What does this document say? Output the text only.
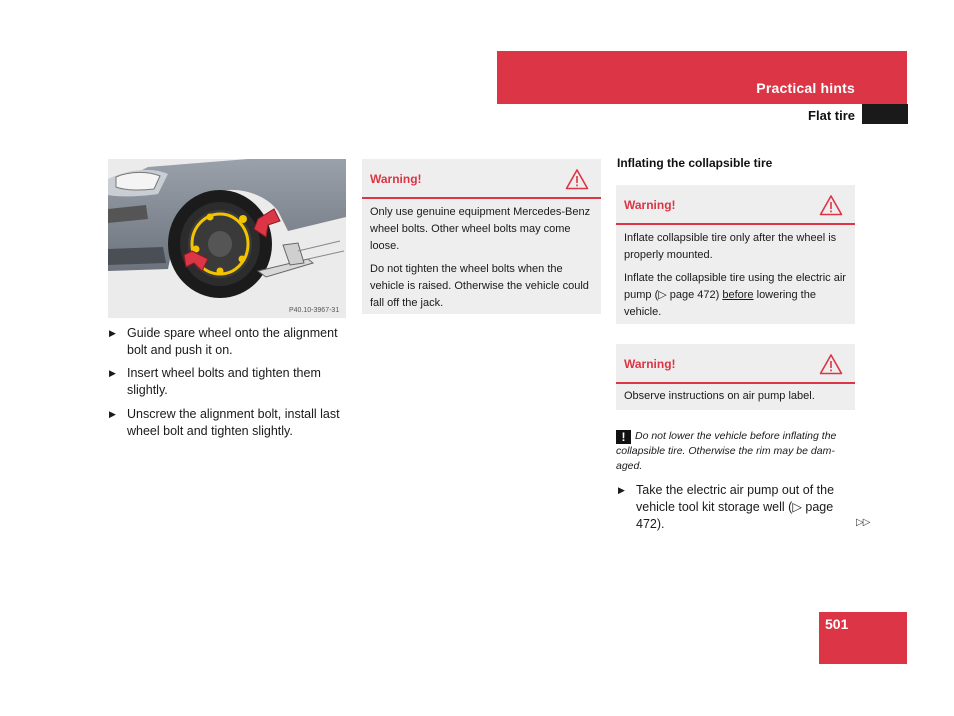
Practical hints
Flat tire
P40.10-3967-31
▶ Guide spare wheel onto the alignment bolt and push it on.
▶ Insert wheel bolts and tighten them slightly.
▶ Unscrew the alignment bolt, install last wheel bolt and tighten slightly.
Warning!

Only use genuine equipment Mercedes-Benz wheel bolts. Other wheel bolts may come loose.

Do not tighten the wheel bolts when the vehicle is raised. Otherwise the vehicle could fall off the jack.

Inflating the collapsible tire
Warning!

Inflate collapsible tire only after the wheel is properly mounted.

Inflate the collapsible tire using the electric air pump (▷ page 472) before lowering the vehicle.

Warning!

Observe instructions on air pump label.

! Do not lower the vehicle before inflating the collapsible tire. Otherwise the rim may be dam-aged.
▶ Take the electric air pump out of the vehicle tool kit storage well (▷ page 472).	▷▷
501
